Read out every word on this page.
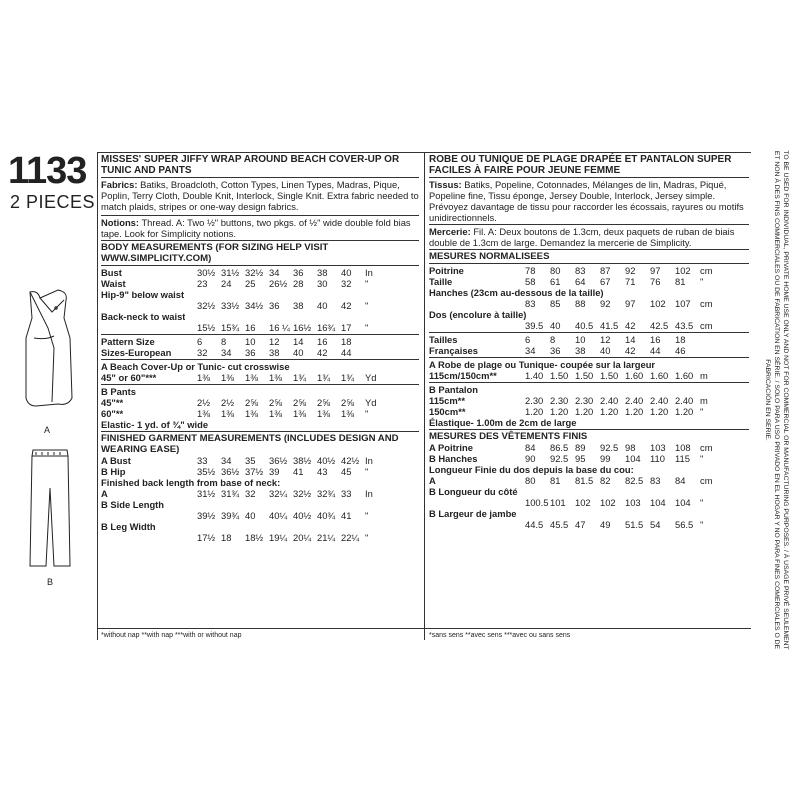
1133
2 PIECES
A
B
MISSES' SUPER JIFFY WRAP AROUND BEACH COVER-UP OR TUNIC AND PANTS
Fabrics: Batiks, Broadcloth, Cotton Types, Linen Types, Madras, Pique, Poplin, Terry Cloth, Double Knit, Interlock, Single Knit. Extra fabric needed to match plaids, stripes or one-way design fabrics.
Notions: Thread. A: Two ½" buttons, two pkgs. of ½" wide double fold bias tape. Look for Simplicity notions.
BODY MEASUREMENTS (FOR SIZING HELP VISIT WWW.SIMPLICITY.COM)
Bust	30½ 31½ 32½ 34	36	38	40	In
Waist	23	24	25	26½ 28	30	32	"
Hip-9" below waist
32½ 33½ 34½ 36	38	40	42	"
Back-neck to waist
15½ 15¾ 16	16 ¼ 16½ 16¾ 17	"
Pattern Size	6	8	10	12	14	16	18
Sizes-European	32	34	36	38	40	42	44
A Beach Cover-Up or Tunic- cut crosswise
45" or 60"***	1⅜	1⅜	1⅜	1⅜	1¾	1¾	1¾	Yd
B Pants
45"**	2½	2½	2⅝	2⅝	2⅝	2⅝	2⅝	Yd
60"**	1⅜	1⅜	1⅜	1⅜	1⅜	1⅜	1⅜	"
Elastic- 1 yd. of ¾" wide
FINISHED GARMENT MEASUREMENTS (INCLUDES DESIGN AND WEARING EASE)
A Bust	33	34	35	36½ 38½ 40½ 42½ In
B Hip	35½ 36½ 37½ 39	41	43	45	"
Finished back length from base of neck:
A	31½ 31¾ 32	32¼ 32½ 32¾ 33	In
B Side Length
39½ 39¾ 40	40¼ 40½ 40¾ 41	"
B Leg Width
17½ 18	18½ 19¼ 20¼ 21¼ 22¼ "
*without nap **with nap ***with or without nap
ROBE OU TUNIQUE DE PLAGE DRAPÉE ET PANTALON SUPER FACILES À FAIRE POUR JEUNE FEMME
Tissus: Batiks, Popeline, Cotonnades, Mélanges de lin, Madras, Piqué, Popeline fine, Tissu éponge, Jersey Double, Interlock, Jersey simple. Prévoyez davantage de tissu pour raccorder les écossais, rayures ou motifs unidirectionnels.
Mercerie: Fil. A: Deux boutons de 1.3cm, deux paquets de ruban de biais double de 1.3cm de large. Demandez la mercerie de Simplicity.
MESURES NORMALISEES
Poitrine	78	80	83	87	92	97	102 cm
Taille	58	61	64	67	71	76	81	"
Hanches (23cm au-dessous de la taille)
83	85	88	92	97	102 107 cm
Dos (encolure à taille)
39.5 40	40.5 41.5 42	42.5 43.5 cm
Tailles	6	8	10	12	14	16	18
Françaises	34	36	38	40	42	44	46
A Robe de plage ou Tunique- coupée sur la largeur
115cm/150cm**	1.40 1.50 1.50 1.50 1.60 1.60 1.60 m
B Pantalon
115cm**	2.30 2.30 2.30 2.40 2.40 2.40 2.40 m
150cm**	1.20 1.20 1.20 1.20 1.20 1.20 1.20 "
Élastique- 1.00m de 2cm de large
MESURES DES VÊTEMENTS FINIS
A Poitrine	84	86.5 89	92.5 98	103 108 cm
B Hanches	90	92.5 95	99	104 110	115	"
Longueur Finie du dos depuis la base du cou:
A	80	81	81.5 82	82.5 83	84	cm
B Longueur du côté
100.5 101 102 102 103 104 104 "
B Largeur de jambe
44.5 45.5 47	49	51.5 54	56.5 ''
*sans sens **avec sens ***avec ou sans sens	TO BE USED FOR INDIVIDUAL, PRIVATE HOME USE ONLY AND NOT FOR COMMERCIAL OR MANUFACTURING PURPOSES. / À USAGE PRIVÉ SEULEMENT ET NON À DES FINS COMMERCIALES OU DE FABRICATION EN SÉRIE. / SOLO PARA USO PRIVADO EN EL HOGAR Y NO PARA FINES COMERCIALES O DE FABRICACIÓN EN SERIE.
